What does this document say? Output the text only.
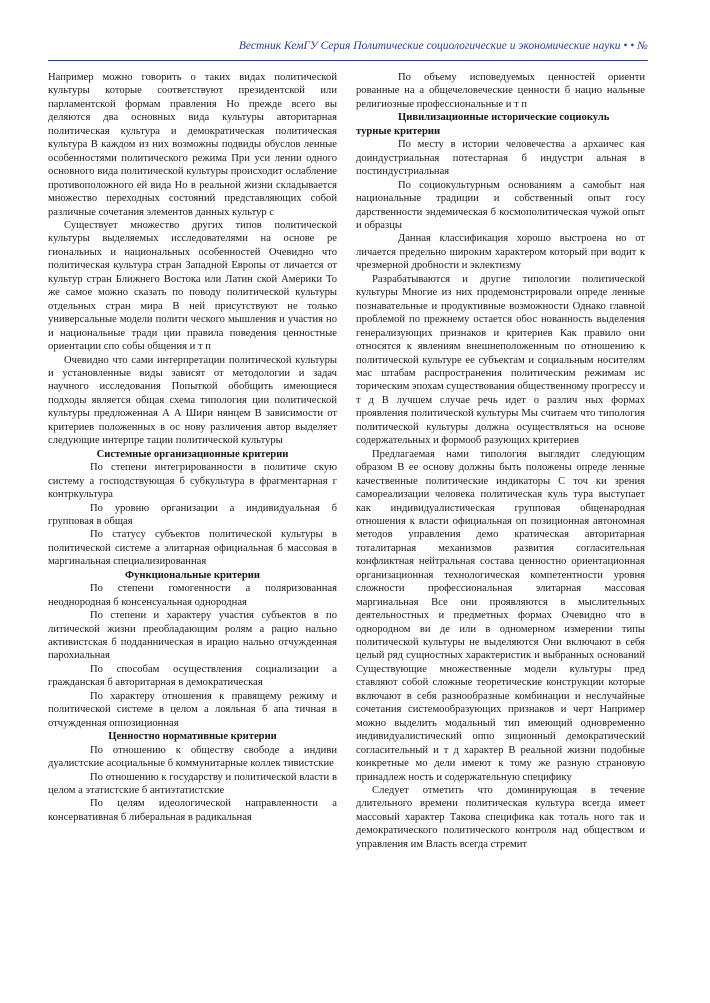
Вестник КемГУ Серия Политические социологические и экономические науки • • №

Например можно говорить о таких видах политической культуры которые соответствуют президентской или парламентской формам правления Но прежде всего вы деляются два основных вида культуры авторитарная политическая культура и демократическая политическая культура В каждом из них возможны подвиды обуслов ленные особенностями политического режима При уси лении одного основного вида политической культуры происходит ослабление противоположного ей вида Но в реальной жизни складывается множество переходных состояний представляющих собой различные сочетания элементов данных культур с

Существует множество других типов политической культуры выделяемых исследователями на основе ре гиональных и национальных особенностей Очевидно что политическая культура стран Западной Европы от личается от культур стран Ближнего Востока или Латин ской Америки То же самое можно сказать по поводу политической культуры отдельных стран мира В ней присутствуют не только универсальные модели полити ческого мышления и участия но и национальные тради ции правила поведения ценностные ориентации спо собы общения и т п

Очевидно что сами интерпретации политической культуры и установленные виды зависят от методологии и задач научного исследования Попыткой обобщить имеющиеся подходы является общая схема типология ции политической культуры предложенная А А Шири нянцем В зависимости от критериев положенных в ос нову различения автор выделяет следующие интерпре тации политической культуры

Системные организационные критерии

По степени интегрированности в политиче скую систему а господствующая б субкультура в фрагментарная г контркультура

По уровню организации а индивидуальная б групповая в общая

По статусу субъектов политической культуры в политической системе а элитарная официальная б массовая в маргинальная специализированная

Функциональные критерии

По степени гомогенности а поляризованная неоднородная б консенсуальная однородная

По степени и характеру участия субъектов в по литической жизни преобладающим ролям а рацио нально активистская б подданническая в ирацио нально отчужденная парохиальная

По способам осуществления социализации а гражданская б авторитарная в демократическая

По характеру отношения к правящему режиму и политической системе в целом а лояльная б апа тичная в отчужденная оппозиционная

Ценностно нормативные критерии

По отношению к обществу свободе а индиви дуалистские асоциальные б коммунитарные коллек тивистские

По отношению к государству и политической власти в целом а этатистские б антиэтатистские

По целям идеологической направленности а консервативная б либеральная в радикальная

По объему исповедуемых ценностей ориенти рованные на а общечеловеческие ценности б нацио нальные религиозные профессиональные и т п

Цивилизационные исторические социокуль турные критерии

По месту в истории человечества а архаичес кая доиндустриальная потестарная б индустри альная в постиндустриальная

По социокультурным основаниям а самобыт ная национальные традиции и собственный опыт госу дарственности эндемическая б космополитическая чужой опыт и образцы

Данная классификация хорошо выстроена но от личается предельно широким характером который при водит к чрезмерной дробности и эклектизму

Разрабатываются и другие типологии политической культуры Многие из них продемонстрировали опреде ленные познавательные и продуктивные возможности Однако главной проблемой по прежнему остается обос нованность выделения генерализующих признаков и критериев Как правило они относятся к явлениям внешнеположенным по отношению к политической культуре ее субъектам и социальным носителям мас штабам распространения политическим режимам ис торическим эпохам существования общественному прогрессу и т д В лучшем случае речь идет о различ ных формах проявления политической культуры Мы считаем что типология политической культуры должна осуществляться на основе содержательных и формооб разующих критериев

Предлагаемая нами типология выглядит следующим образом В ее основу должны быть положены опреде ленные качественные политические индикаторы С точ ки зрения самореализации человека политическая куль тура выступает как индивидуалистическая групповая общенародная отношения к власти официальная оп позиционная автономная методов управления демо кратическая авторитарная тоталитарная механизмов развития согласительная конфликтная нейтральная состава ценностно ориентационная организационная технологическая компетентности уровня сложности профессиональная элитарная массовая маргинальная Все они проявляются в мыслительных деятельностных и предметных формах Очевидно что в однородном ви де или в одномерном измерении типы политической культуры не выделяются Они включают в себя целый ряд сущностных характеристик и выбранных оснований Существующие множественные модели культуры пред ставляют собой сложные теоретические конструкции которые включают в себя разнообразные комбинации и неслучайные сочетания системообразующих признаков и черт Например можно выделить модальный тип имеющий одновременно индивидуалистический оппо зиционный демократический согласительный и т д характер В реальной жизни подобные конкретные мо дели имеют к тому же разную страновую принадлеж ность и содержательную специфику

Следует отметить что доминирующая в течение длительного времени политическая культура всегда имеет массовый характер Такова специфика как тоталь ного так и демократического политического контроля над обществом и управления им Власть всегда стремит
